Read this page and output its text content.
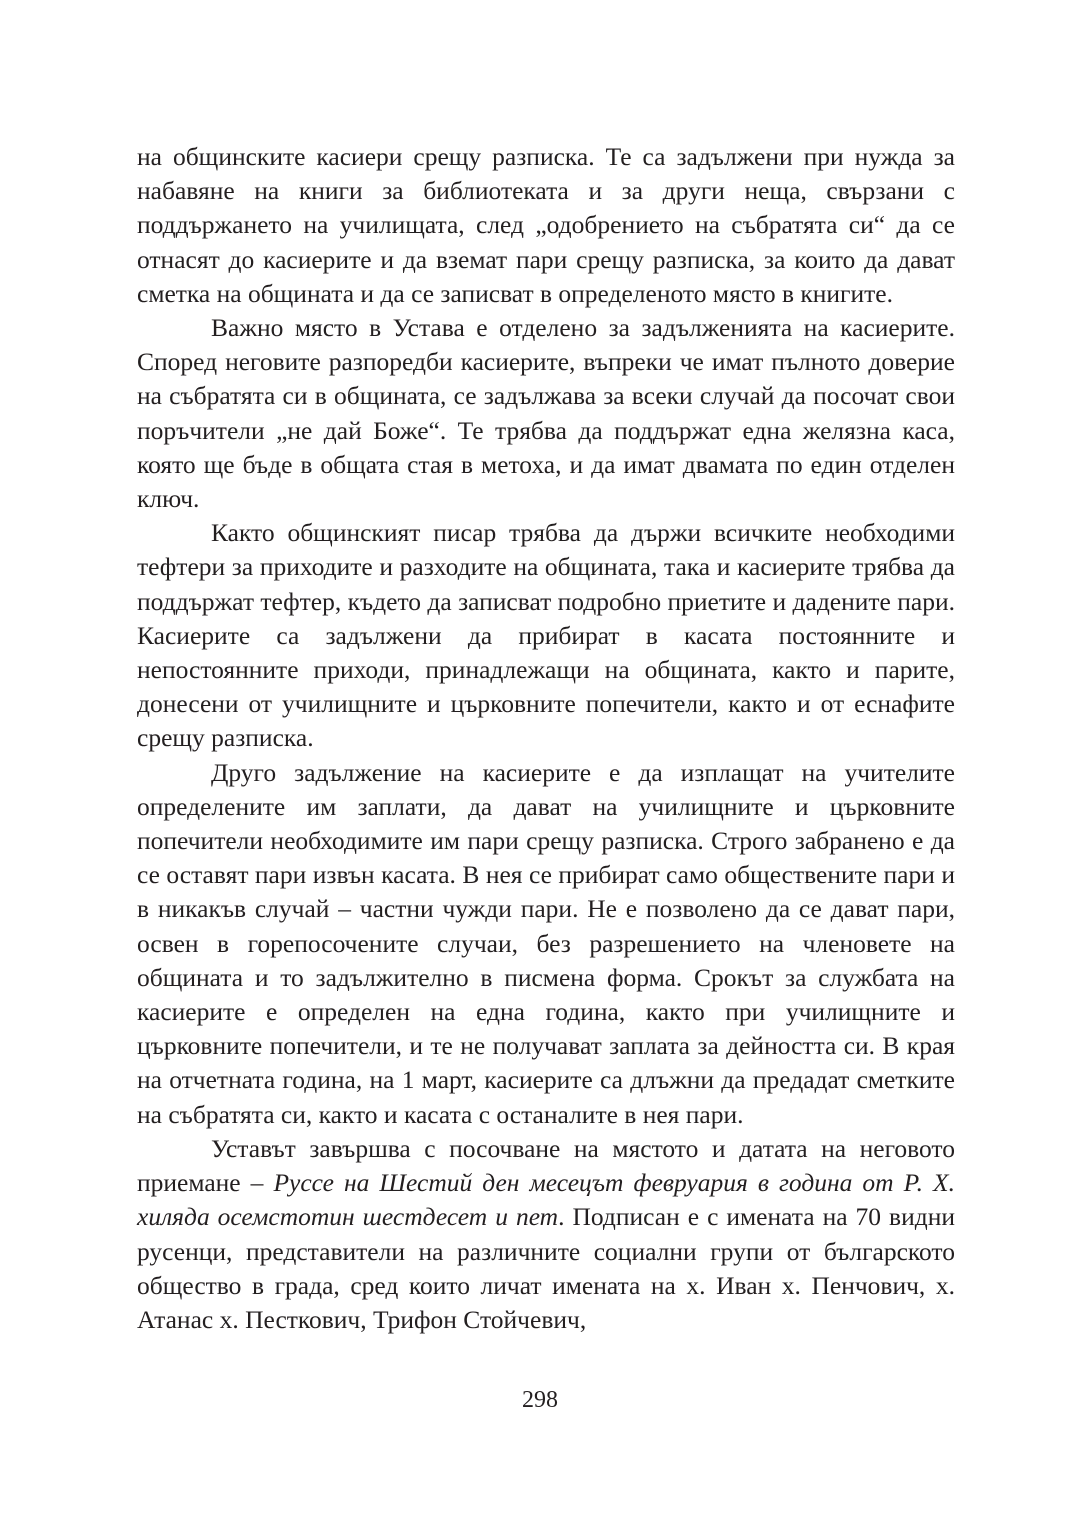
на общинските касиери срещу разписка. Те са задължени при нужда за набавяне на книги за библиотеката и за други неща, свързани с поддържането на училищата, след „одобрението на събратята си“ да се отнасят до касиерите и да вземат пари срещу разписка, за които да дават сметка на общината и да се записват в определеното място в книгите.

Важно място в Устава е отделено за задълженията на касиерите. Според неговите разпоредби касиерите, въпреки че имат пълното доверие на събратята си в общината, се задължава за всеки случай да посочат свои поръчители „не дай Боже“. Те трябва да поддържат една желязна каса, която ще бъде в общата стая в метоха, и да имат двамата по един отделен ключ.

Както общинският писар трябва да държи всичките необходими тефтери за приходите и разходите на общината, така и касиерите трябва да поддържат тефтер, където да записват подробно приетите и дадените пари. Касиерите са задължени да прибират в касата постоянните и непостоянните приходи, принадлежащи на общината, както и парите, донесени от училищните и църковните попечители, както и от еснафите срещу разписка.

Друго задължение на касиерите е да изплащат на учителите определените им заплати, да дават на училищните и църковните попечители необходимите им пари срещу разписка. Строго забранено е да се оставят пари извън касата. В нея се прибират само обществените пари и в никакъв случай – частни чужди пари. Не е позволено да се дават пари, освен в горепосочените случаи, без разрешението на членовете на общината и то задължително в писмена форма. Срокът за службата на касиерите е определен на една година, както при училищните и църковните попечители, и те не получават заплата за дейността си. В края на отчетната година, на 1 март, касиерите са длъжни да предадат сметките на събратята си, както и касата с останалите в нея пари.

Уставът завършва с посочване на мястото и датата на неговото приемане – Руссе на Шестий ден месецът февруария в година от Р. Х. хиляда осемстотин шестдесет и пет. Подписан е с имената на 70 видни русенци, представители на различните социални групи от българското общество в града, сред които личат имената на х. Иван х. Пенчович, х. Атанас х. Песткович, Трифон Стойчевич,

298
